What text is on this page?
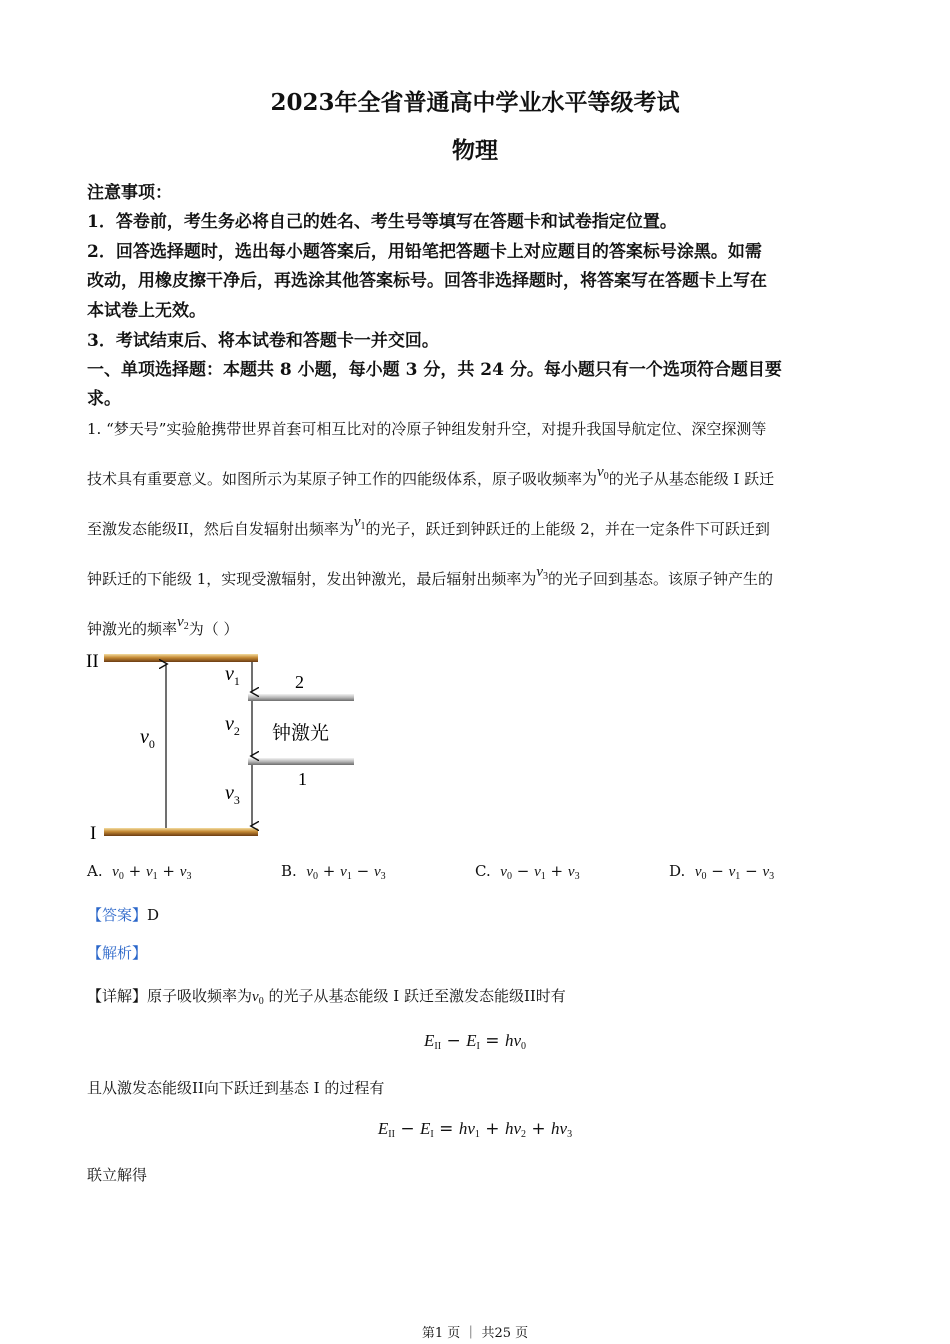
2023年全省普通高中学业水平等级考试
物理
注意事项：
1．答卷前，考生务必将自己的姓名、考生号等填写在答题卡和试卷指定位置。
2．回答选择题时，选出每小题答案后，用铅笔把答题卡上对应题目的答案标号涂黑。如需
改动，用橡皮擦干净后，再选涂其他答案标号。回答非选择题时，将答案写在答题卡上写在
本试卷上无效。
3．考试结束后、将本试卷和答题卡一并交回。
一、单项选择题：本题共 8 小题，每小题 3 分，共 24 分。每小题只有一个选项符合题目要
求。
1. “梦天号”实验舱携带世界首套可相互比对的冷原子钟组发射升空，对提升我国导航定位、深空探测等
技术具有重要意义。如图所示为某原子钟工作的四能级体系，原子吸收频率为$\nu_0$的光子从基态能级 I 跃迁
至激发态能级II，然后自发辐射出频率为$\nu_1$的光子，跃迁到钟跃迁的上能级 2，并在一定条件下可跃迁到
钟跃迁的下能级 1，实现受激辐射，发出钟激光，最后辐射出频率为$\nu_3$的光子回到基态。该原子钟产生的
钟激光的频率$\nu_2$为（ ）
II
I
2
1
钟激光
$\nu_0$
$\nu_1$
$\nu_2$
$\nu_3$
A. $\nu_0 + \nu_1 + \nu_3$	B. $\nu_0 + \nu_1 - \nu_3$	C. $\nu_0 - \nu_1 + \nu_3$	D. $\nu_0 - \nu_1 - \nu_3$
【答案】D
【解析】
【详解】原子吸收频率为$\nu_0$ 的光子从基态能级 I 跃迁至激发态能级II时有
$E_{II} - E_I = h\nu_0$
且从激发态能级II向下跃迁到基态 I 的过程有
$E_{II} - E_I = h\nu_1 + h\nu_2 + h\nu_3$
联立解得
第1 页 ｜ 共25 页
